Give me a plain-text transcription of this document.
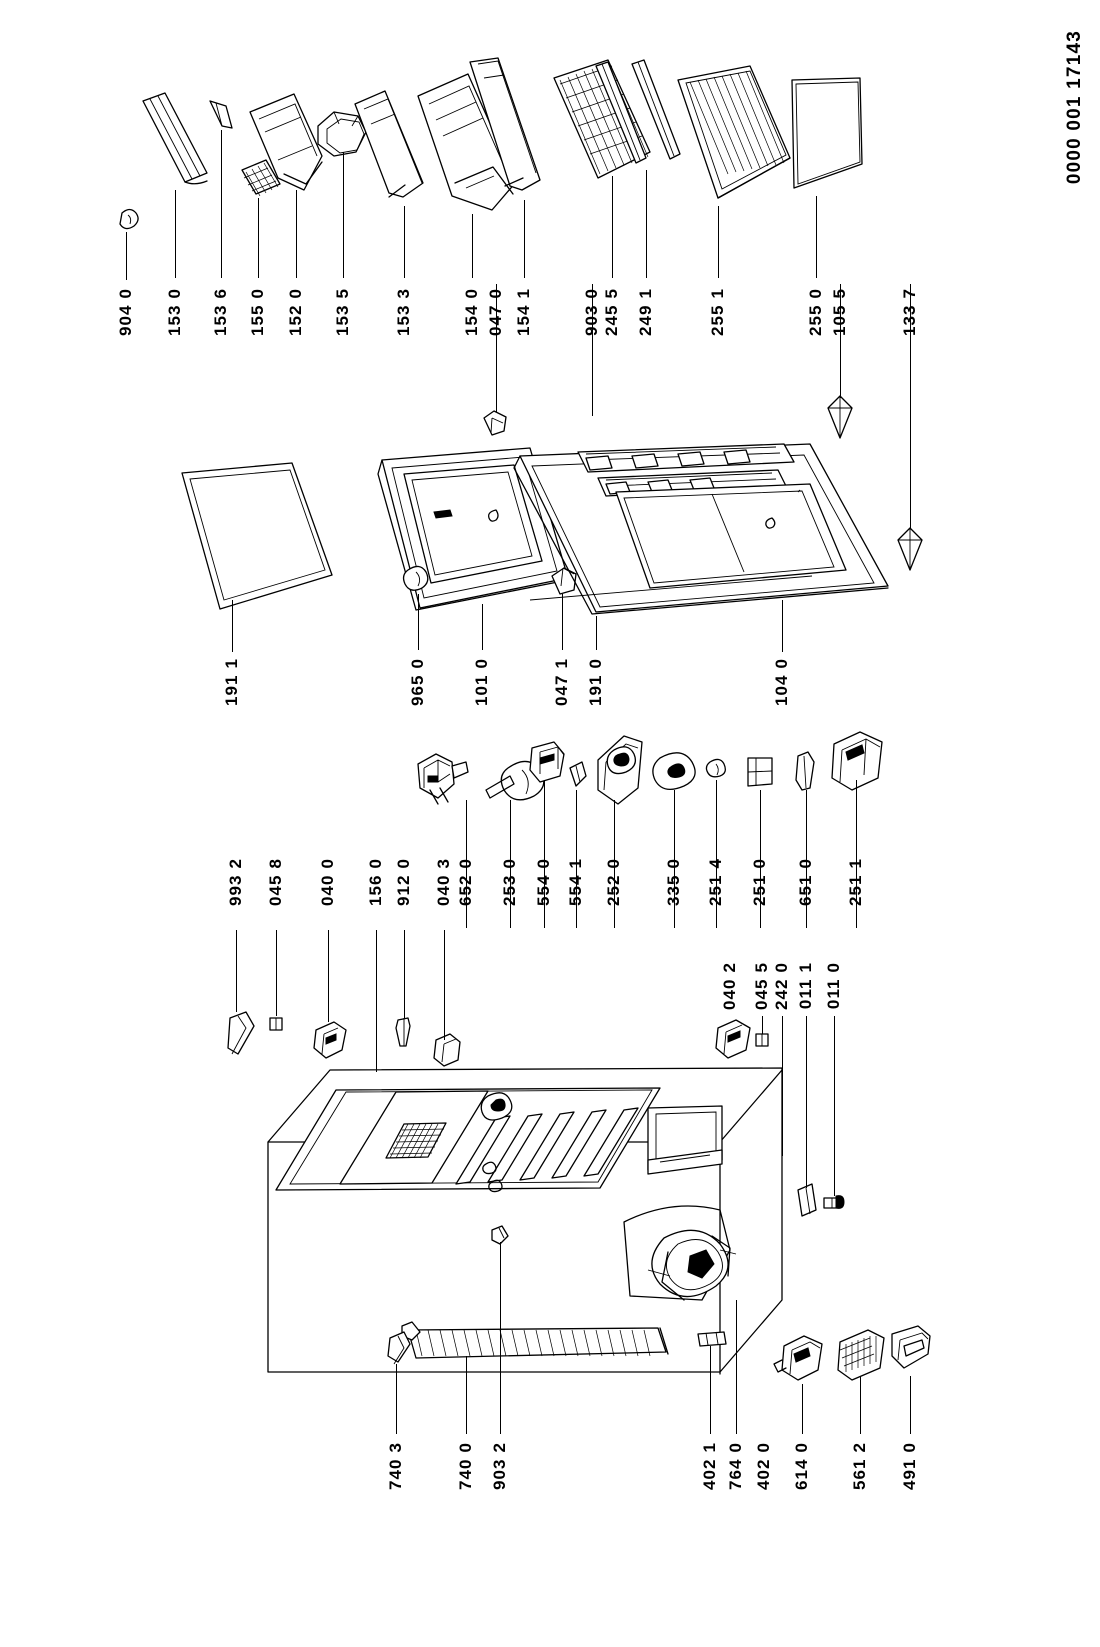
0000 001 17143
904 0 153 0 153 6 155 0 152 0 153 5 153 3	154 0 047 0 154 1	903 0 245 5 249 1	255 1	255 0 105 5	133 7
191 1	965 0	101 0	047 1 191 0	104 0
993 2 045 8 040 0 156 0 912 0 040 3 652 0 253 0 554 0 554 1 252 0 335 0 251 4 251 0 651 0 251 1
040 2 045 5 242 0 011 1 011 0
740 3	740 0 903 2	402 1 764 0 402 0 614 0 561 2 491 0
